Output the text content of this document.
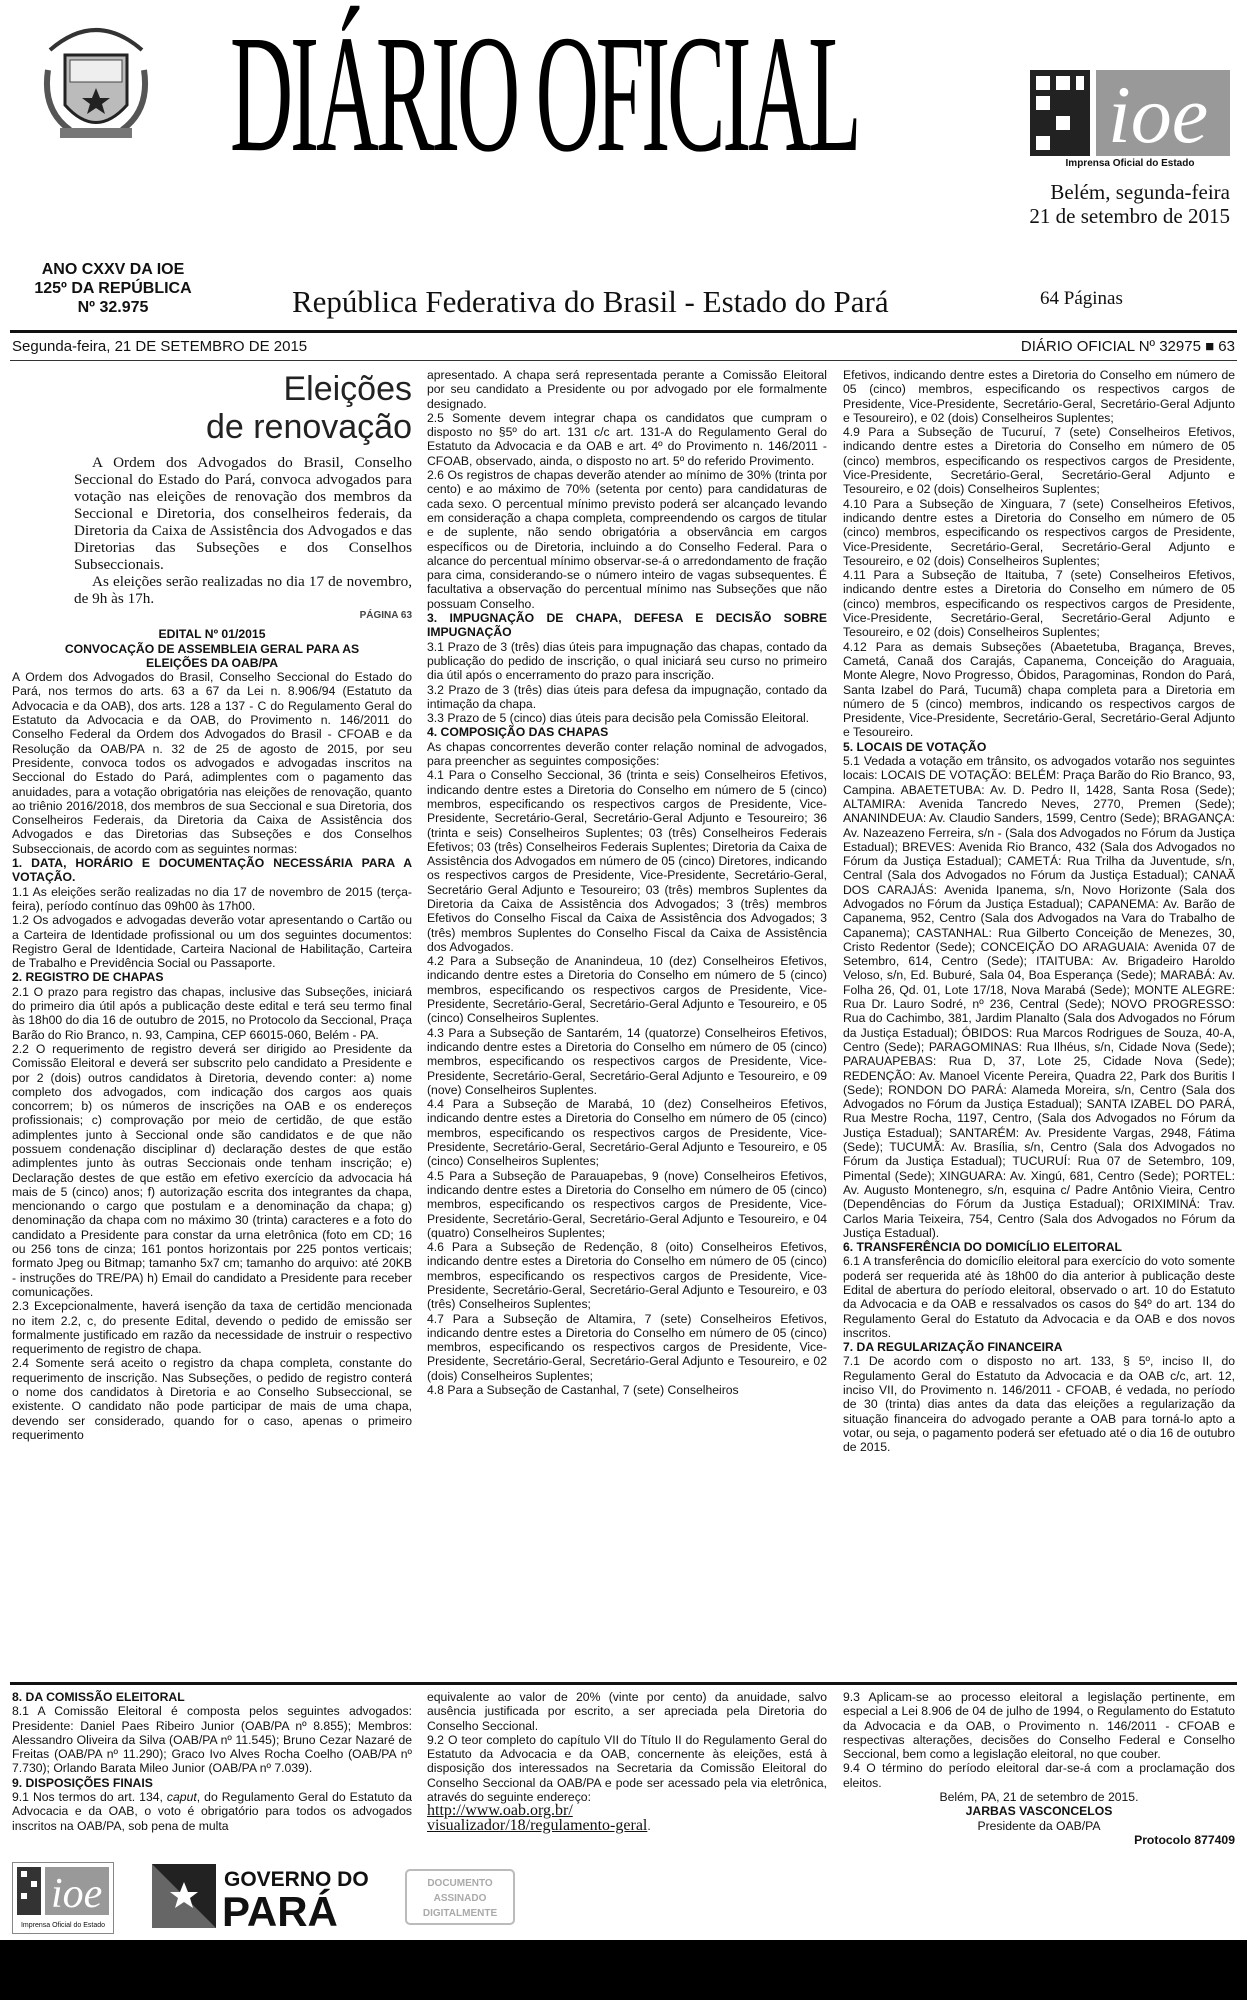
DIÁRIO OFICIAL	ioe
Imprensa Oficial do Estado
Belém, segunda-feira
21 de setembro de 2015
ANO CXXV DA IOE
125º DA REPÚBLICA
Nº 32.975	República Federativa do Brasil - Estado do Pará	64 Páginas
Segunda-feira, 21 DE SETEMBRO DE 2015	DIÁRIO OFICIAL Nº 32975 ■ 63

Eleições

de renovação

A Ordem dos Advogados do Brasil, Conselho Seccional do Estado do Pará, convoca advogados para votação nas eleições de renovação dos membros da Seccional e Diretoria, dos conselheiros federais, da Diretoria da Caixa de Assistência dos Advogados e das Diretorias das Subseções e dos Conselhos Subseccionais.

As eleições serão realizadas no dia 17 de novembro, de 9h às 17h.

PÁGINA 63

EDITAL Nº 01/2015

CONVOCAÇÃO DE ASSEMBLEIA GERAL PARA AS

ELEIÇÕES DA OAB/PA

A Ordem dos Advogados do Brasil, Conselho Seccional do Estado do Pará, nos termos do arts. 63 a 67 da Lei n. 8.906/94 (Estatuto da Advocacia e da OAB), dos arts. 128 a 137 - C do Regulamento Geral do Estatuto da Advocacia e da OAB, do Provimento n. 146/2011 do Conselho Federal da Ordem dos Advogados do Brasil - CFOAB e da Resolução da OAB/PA n. 32 de 25 de agosto de 2015, por seu Presidente, convoca todos os advogados e advogadas inscritos na Seccional do Estado do Pará, adimplentes com o pagamento das anuidades, para a votação obrigatória nas eleições de renovação, quanto ao triênio 2016/2018, dos membros de sua Seccional e sua Diretoria, dos Conselheiros Federais, da Diretoria da Caixa de Assistência dos Advogados e das Diretorias das Subseções e dos Conselhos Subseccionais, de acordo com as seguintes normas:

1. DATA, HORÁRIO E DOCUMENTAÇÃO NECESSÁRIA PARA A VOTAÇÃO.

1.1 As eleições serão realizadas no dia 17 de novembro de 2015 (terça-feira), período contínuo das 09h00 às 17h00.

1.2 Os advogados e advogadas deverão votar apresentando o Cartão ou a Carteira de Identidade profissional ou um dos seguintes documentos: Registro Geral de Identidade, Carteira Nacional de Habilitação, Carteira de Trabalho e Previdência Social ou Passaporte.

2. REGISTRO DE CHAPAS

2.1 O prazo para registro das chapas, inclusive das Subseções, iniciará do primeiro dia útil após a publicação deste edital e terá seu termo final às 18h00 do dia 16 de outubro de 2015, no Protocolo da Seccional, Praça Barão do Rio Branco, n. 93, Campina, CEP 66015-060, Belém - PA.

2.2 O requerimento de registro deverá ser dirigido ao Presidente da Comissão Eleitoral e deverá ser subscrito pelo candidato a Presidente e por 2 (dois) outros candidatos à Diretoria, devendo conter: a) nome completo dos advogados, com indicação dos cargos aos quais concorrem; b) os números de inscrições na OAB e os endereços profissionais; c) comprovação por meio de certidão, de que estão adimplentes junto à Seccional onde são candidatos e de que não possuem condenação disciplinar d) declaração destes de que estão adimplentes junto às outras Seccionais onde tenham inscrição; e) Declaração destes de que estão em efetivo exercício da advocacia há mais de 5 (cinco) anos; f) autorização escrita dos integrantes da chapa, mencionando o cargo que postulam e a denominação da chapa; g) denominação da chapa com no máximo 30 (trinta) caracteres e a foto do candidato a Presidente para constar da urna eletrônica (foto em CD; 16 ou 256 tons de cinza; 161 pontos horizontais por 225 pontos verticais; formato Jpeg ou Bitmap; tamanho 5x7 cm; tamanho do arquivo: até 20KB - instruções do TRE/PA) h) Email do candidato a Presidente para receber comunicações.

2.3 Excepcionalmente, haverá isenção da taxa de certidão mencionada no item 2.2, c, do presente Edital, devendo o pedido de emissão ser formalmente justificado em razão da necessidade de instruir o respectivo requerimento de registro de chapa.

2.4 Somente será aceito o registro da chapa completa, constante do requerimento de inscrição. Nas Subseções, o pedido de registro conterá o nome dos candidatos à Diretoria e ao Conselho Subseccional, se existente. O candidato não pode participar de mais de uma chapa, devendo ser considerado, quando for o caso, apenas o primeiro requerimento

apresentado. A chapa será representada perante a Comissão Eleitoral por seu candidato a Presidente ou por advogado por ele formalmente designado.

2.5 Somente devem integrar chapa os candidatos que cumpram o disposto no §5º do art. 131 c/c art. 131-A do Regulamento Geral do Estatuto da Advocacia e da OAB e art. 4º do Provimento n. 146/2011 - CFOAB, observado, ainda, o disposto no art. 5º do referido Provimento.

2.6 Os registros de chapas deverão atender ao mínimo de 30% (trinta por cento) e ao máximo de 70% (setenta por cento) para candidaturas de cada sexo. O percentual mínimo previsto poderá ser alcançado levando em consideração a chapa completa, compreendendo os cargos de titular e de suplente, não sendo obrigatória a observância em cargos específicos ou de Diretoria, incluindo a do Conselho Federal. Para o alcance do percentual mínimo observar-se-á o arredondamento de fração para cima, considerando-se o número inteiro de vagas subsequentes. É facultativa a observação do percentual mínimo nas Subseções que não possuam Conselho.

3. IMPUGNAÇÃO DE CHAPA, DEFESA E DECISÃO SOBRE IMPUGNAÇÃO

3.1 Prazo de 3 (três) dias úteis para impugnação das chapas, contado da publicação do pedido de inscrição, o qual iniciará seu curso no primeiro dia útil após o encerramento do prazo para inscrição.

3.2 Prazo de 3 (três) dias úteis para defesa da impugnação, contado da intimação da chapa.

3.3 Prazo de 5 (cinco) dias úteis para decisão pela Comissão Eleitoral.

4. COMPOSIÇÃO DAS CHAPAS

As chapas concorrentes deverão conter relação nominal de advogados, para preencher as seguintes composições:

4.1 Para o Conselho Seccional, 36 (trinta e seis) Conselheiros Efetivos, indicando dentre estes a Diretoria do Conselho em número de 5 (cinco) membros, especificando os respectivos cargos de Presidente, Vice-Presidente, Secretário-Geral, Secretário-Geral Adjunto e Tesoureiro; 36 (trinta e seis) Conselheiros Suplentes; 03 (três) Conselheiros Federais Efetivos; 03 (três) Conselheiros Federais Suplentes; Diretoria da Caixa de Assistência dos Advogados em número de 05 (cinco) Diretores, indicando os respectivos cargos de Presidente, Vice-Presidente, Secretário-Geral, Secretário Geral Adjunto e Tesoureiro; 03 (três) membros Suplentes da Diretoria da Caixa de Assistência dos Advogados; 3 (três) membros Efetivos do Conselho Fiscal da Caixa de Assistência dos Advogados; 3 (três) membros Suplentes do Conselho Fiscal da Caixa de Assistência dos Advogados.

4.2 Para a Subseção de Ananindeua, 10 (dez) Conselheiros Efetivos, indicando dentre estes a Diretoria do Conselho em número de 5 (cinco) membros, especificando os respectivos cargos de Presidente, Vice-Presidente, Secretário-Geral, Secretário-Geral Adjunto e Tesoureiro, e 05 (cinco) Conselheiros Suplentes.

4.3 Para a Subseção de Santarém, 14 (quatorze) Conselheiros Efetivos, indicando dentre estes a Diretoria do Conselho em número de 05 (cinco) membros, especificando os respectivos cargos de Presidente, Vice-Presidente, Secretário-Geral, Secretário-Geral Adjunto e Tesoureiro, e 09 (nove) Conselheiros Suplentes.

4.4 Para a Subseção de Marabá, 10 (dez) Conselheiros Efetivos, indicando dentre estes a Diretoria do Conselho em número de 05 (cinco) membros, especificando os respectivos cargos de Presidente, Vice-Presidente, Secretário-Geral, Secretário-Geral Adjunto e Tesoureiro, e 05 (cinco) Conselheiros Suplentes;

4.5 Para a Subseção de Parauapebas, 9 (nove) Conselheiros Efetivos, indicando dentre estes a Diretoria do Conselho em número de 05 (cinco) membros, especificando os respectivos cargos de Presidente, Vice-Presidente, Secretário-Geral, Secretário-Geral Adjunto e Tesoureiro, e 04 (quatro) Conselheiros Suplentes;

4.6 Para a Subseção de Redenção, 8 (oito) Conselheiros Efetivos, indicando dentre estes a Diretoria do Conselho em número de 05 (cinco) membros, especificando os respectivos cargos de Presidente, Vice-Presidente, Secretário-Geral, Secretário-Geral Adjunto e Tesoureiro, e 03 (três) Conselheiros Suplentes;

4.7 Para a Subseção de Altamira, 7 (sete) Conselheiros Efetivos, indicando dentre estes a Diretoria do Conselho em número de 05 (cinco) membros, especificando os respectivos cargos de Presidente, Vice-Presidente, Secretário-Geral, Secretário-Geral Adjunto e Tesoureiro, e 02 (dois) Conselheiros Suplentes;

4.8 Para a Subseção de Castanhal, 7 (sete) Conselheiros

Efetivos, indicando dentre estes a Diretoria do Conselho em número de 05 (cinco) membros, especificando os respectivos cargos de Presidente, Vice-Presidente, Secretário-Geral, Secretário-Geral Adjunto e Tesoureiro), e 02 (dois) Conselheiros Suplentes;

4.9 Para a Subseção de Tucuruí, 7 (sete) Conselheiros Efetivos, indicando dentre estes a Diretoria do Conselho em número de 05 (cinco) membros, especificando os respectivos cargos de Presidente, Vice-Presidente, Secretário-Geral, Secretário-Geral Adjunto e Tesoureiro, e 02 (dois) Conselheiros Suplentes;

4.10 Para a Subseção de Xinguara, 7 (sete) Conselheiros Efetivos, indicando dentre estes a Diretoria do Conselho em número de 05 (cinco) membros, especificando os respectivos cargos de Presidente, Vice-Presidente, Secretário-Geral, Secretário-Geral Adjunto e Tesoureiro, e 02 (dois) Conselheiros Suplentes;

4.11 Para a Subseção de Itaituba, 7 (sete) Conselheiros Efetivos, indicando dentre estes a Diretoria do Conselho em número de 05 (cinco) membros, especificando os respectivos cargos de Presidente, Vice-Presidente, Secretário-Geral, Secretário-Geral Adjunto e Tesoureiro, e 02 (dois) Conselheiros Suplentes;

4.12 Para as demais Subseções (Abaetetuba, Bragança, Breves, Cametá, Canaã dos Carajás, Capanema, Conceição do Araguaia, Monte Alegre, Novo Progresso, Óbidos, Paragominas, Rondon do Pará, Santa Izabel do Pará, Tucumã) chapa completa para a Diretoria em número de 5 (cinco) membros, indicando os respectivos cargos de Presidente, Vice-Presidente, Secretário-Geral, Secretário-Geral Adjunto e Tesoureiro.

5. LOCAIS DE VOTAÇÃO

5.1 Vedada a votação em trânsito, os advogados votarão nos seguintes locais: LOCAIS DE VOTAÇÃO: BELÉM: Praça Barão do Rio Branco, 93, Campina. ABAETETUBA: Av. D. Pedro II, 1428, Santa Rosa (Sede); ALTAMIRA: Avenida Tancredo Neves, 2770, Premen (Sede); ANANINDEUA: Av. Claudio Sanders, 1599, Centro (Sede); BRAGANÇA: Av. Nazeazeno Ferreira, s/n - (Sala dos Advogados no Fórum da Justiça Estadual); BREVES: Avenida Rio Branco, 432 (Sala dos Advogados no Fórum da Justiça Estadual); CAMETÁ: Rua Trilha da Juventude, s/n, Central (Sala dos Advogados no Fórum da Justiça Estadual); CANAÃ DOS CARAJÁS: Avenida Ipanema, s/n, Novo Horizonte (Sala dos Advogados no Fórum da Justiça Estadual); CAPANEMA: Av. Barão de Capanema, 952, Centro (Sala dos Advogados na Vara do Trabalho de Capanema); CASTANHAL: Rua Gilberto Conceição de Menezes, 30, Cristo Redentor (Sede); CONCEIÇÃO DO ARAGUAIA: Avenida 07 de Setembro, 614, Centro (Sede); ITAITUBA: Av. Brigadeiro Haroldo Veloso, s/n, Ed. Buburé, Sala 04, Boa Esperança (Sede); MARABÁ: Av. Folha 26, Qd. 01, Lote 17/18, Nova Marabá (Sede); MONTE ALEGRE: Rua Dr. Lauro Sodré, nº 236, Central (Sede); NOVO PROGRESSO: Rua do Cachimbo, 381, Jardim Planalto (Sala dos Advogados no Fórum da Justiça Estadual); ÓBIDOS: Rua Marcos Rodrigues de Souza, 40-A, Centro (Sede); PARAGOMINAS: Rua Ilhéus, s/n, Cidade Nova (Sede); PARAUAPEBAS: Rua D, 37, Lote 25, Cidade Nova (Sede); REDENÇÃO: Av. Manoel Vicente Pereira, Quadra 22, Park dos Buritis I (Sede); RONDON DO PARÁ: Alameda Moreira, s/n, Centro (Sala dos Advogados no Fórum da Justiça Estadual); SANTA IZABEL DO PARÁ, Rua Mestre Rocha, 1197, Centro, (Sala dos Advogados no Fórum da Justiça Estadual); SANTARÉM: Av. Presidente Vargas, 2948, Fátima (Sede); TUCUMÃ: Av. Brasília, s/n, Centro (Sala dos Advogados no Fórum da Justiça Estadual); TUCURUÍ: Rua 07 de Setembro, 109, Pimental (Sede); XINGUARA: Av. Xingú, 681, Centro (Sede); PORTEL: Av. Augusto Montenegro, s/n, esquina c/ Padre Antônio Vieira, Centro (Dependências do Fórum da Justiça Estadual); ORIXIMINÁ: Trav. Carlos Maria Teixeira, 754, Centro (Sala dos Advogados no Fórum da Justiça Estadual).

6. TRANSFERÊNCIA DO DOMICÍLIO ELEITORAL

6.1 A transferência do domicílio eleitoral para exercício do voto somente poderá ser requerida até às 18h00 do dia anterior à publicação deste Edital de abertura do período eleitoral, observado o art. 10 do Estatuto da Advocacia e da OAB e ressalvados os casos do §4º do art. 134 do Regulamento Geral do Estatuto da Advocacia e da OAB e dos novos inscritos.

7. DA REGULARIZAÇÃO FINANCEIRA

7.1 De acordo com o disposto no art. 133, § 5º, inciso II, do Regulamento Geral do Estatuto da Advocacia e da OAB c/c, art. 12, inciso VII, do Provimento n. 146/2011 - CFOAB, é vedada, no período de 30 (trinta) dias antes da data das eleições a regularização da situação financeira do advogado perante a OAB para torná-lo apto a votar, ou seja, o pagamento poderá ser efetuado até o dia 16 de outubro de 2015.

8. DA COMISSÃO ELEITORAL

8.1 A Comissão Eleitoral é composta pelos seguintes advogados: Presidente: Daniel Paes Ribeiro Junior (OAB/PA nº 8.855); Membros: Alessandro Oliveira da Silva (OAB/PA nº 11.545); Bruno Cezar Nazaré de Freitas (OAB/PA nº 11.290); Graco Ivo Alves Rocha Coelho (OAB/PA nº 7.730); Orlando Barata Mileo Junior (OAB/PA nº 7.039).

9. DISPOSIÇÕES FINAIS

9.1 Nos termos do art. 134, caput, do Regulamento Geral do Estatuto da Advocacia e da OAB, o voto é obrigatório para todos os advogados inscritos na OAB/PA, sob pena de multa

equivalente ao valor de 20% (vinte por cento) da anuidade, salvo ausência justificada por escrito, a ser apreciada pela Diretoria do Conselho Seccional.

9.2 O teor completo do capítulo VII do Título II do Regulamento Geral do Estatuto da Advocacia e da OAB, concernente às eleições, está à disposição dos interessados na Secretaria da Comissão Eleitoral do Conselho Seccional da OAB/PA e pode ser acessado pela via eletrônica, através do seguinte endereço:

http://www.oab.org.br/

visualizador/18/regulamento-geral.

9.3 Aplicam-se ao processo eleitoral a legislação pertinente, em especial a Lei 8.906 de 04 de julho de 1994, o Regulamento do Estatuto da Advocacia e da OAB, o Provimento n. 146/2011 - CFOAB e respectivas alterações, decisões do Conselho Federal e Conselho Seccional, bem como a legislação eleitoral, no que couber.

9.4 O término do período eleitoral dar-se-á com a proclamação dos eleitos.

Belém, PA, 21 de setembro de 2015.

JARBAS VASCONCELOS

Presidente da OAB/PA

Protocolo 877409

ioe
Imprensa Oficial do Estado
GOVERNO DO
PARÁ
DOCUMENTO
ASSINADO
DIGITALMENTE
